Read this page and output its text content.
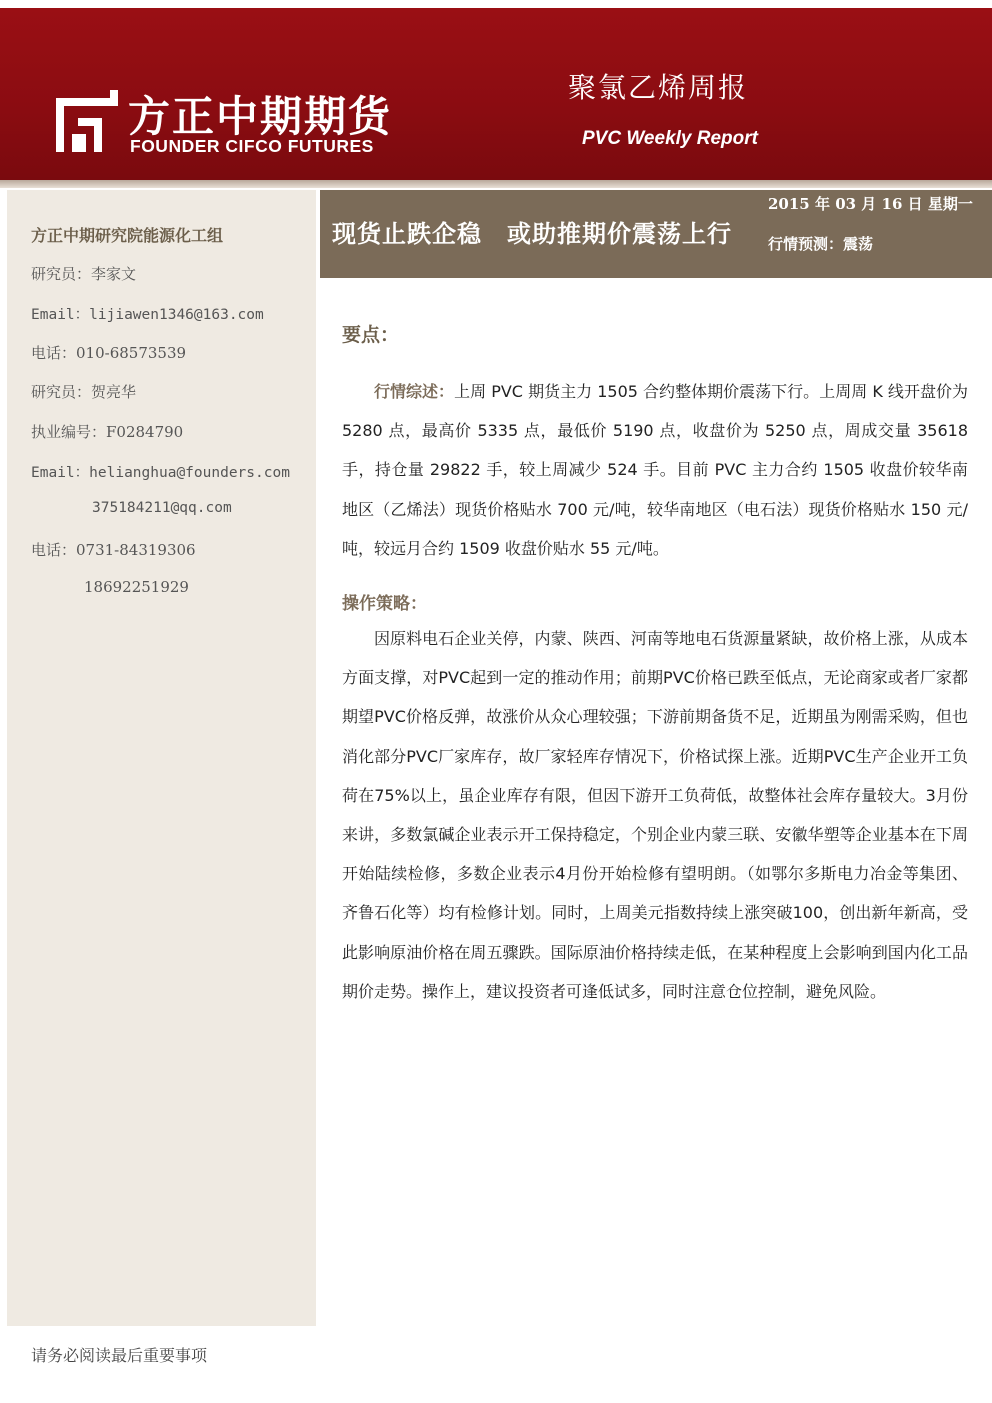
方正中期期货
FOUNDER CIFCO FUTURES
聚氯乙烯周报
PVC Weekly Report
方正中期研究院能源化工组
研究员：李家文
Email：lijiawen1346@163.com
电话：010-68573539
研究员：贺亮华
执业编号：F0284790
Email：helianghua@founders.com
375184211@qq.com
电话：0731-84319306
18692251929
现货止跌企稳　或助推期价震荡上行
2015 年 03 月 16 日 星期一
行情预测：震荡
要点：
行情综述：上周 PVC 期货主力 1505 合约整体期价震荡下行。上周周 K 线开盘价为 5280 点，最高价 5335 点，最低价 5190 点，收盘价为 5250 点，周成交量 35618 手，持仓量 29822 手，较上周减少 524 手。目前 PVC 主力合约 1505 收盘价较华南地区（乙烯法）现货价格贴水 700 元/吨，较华南地区（电石法）现货价格贴水 150 元/吨，较远月合约 1509 收盘价贴水 55 元/吨。
操作策略：
因原料电石企业关停，内蒙、陕西、河南等地电石货源量紧缺，故价格上涨，从成本方面支撑，对PVC起到一定的推动作用；前期PVC价格已跌至低点，无论商家或者厂家都期望PVC价格反弹，故涨价从众心理较强；下游前期备货不足，近期虽为刚需采购，但也消化部分PVC厂家库存，故厂家轻库存情况下，价格试探上涨。近期PVC生产企业开工负荷在75%以上，虽企业库存有限，但因下游开工负荷低，故整体社会库存量较大。3月份来讲，多数氯碱企业表示开工保持稳定，个别企业内蒙三联、安徽华塑等企业基本在下周开始陆续检修，多数企业表示4月份开始检修有望明朗。（如鄂尔多斯电力冶金等集团、齐鲁石化等）均有检修计划。同时，上周美元指数持续上涨突破100，创出新年新高，受此影响原油价格在周五骤跌。国际原油价格持续走低，在某种程度上会影响到国内化工品期价走势。操作上，建议投资者可逢低试多，同时注意仓位控制，避免风险。
请务必阅读最后重要事项
